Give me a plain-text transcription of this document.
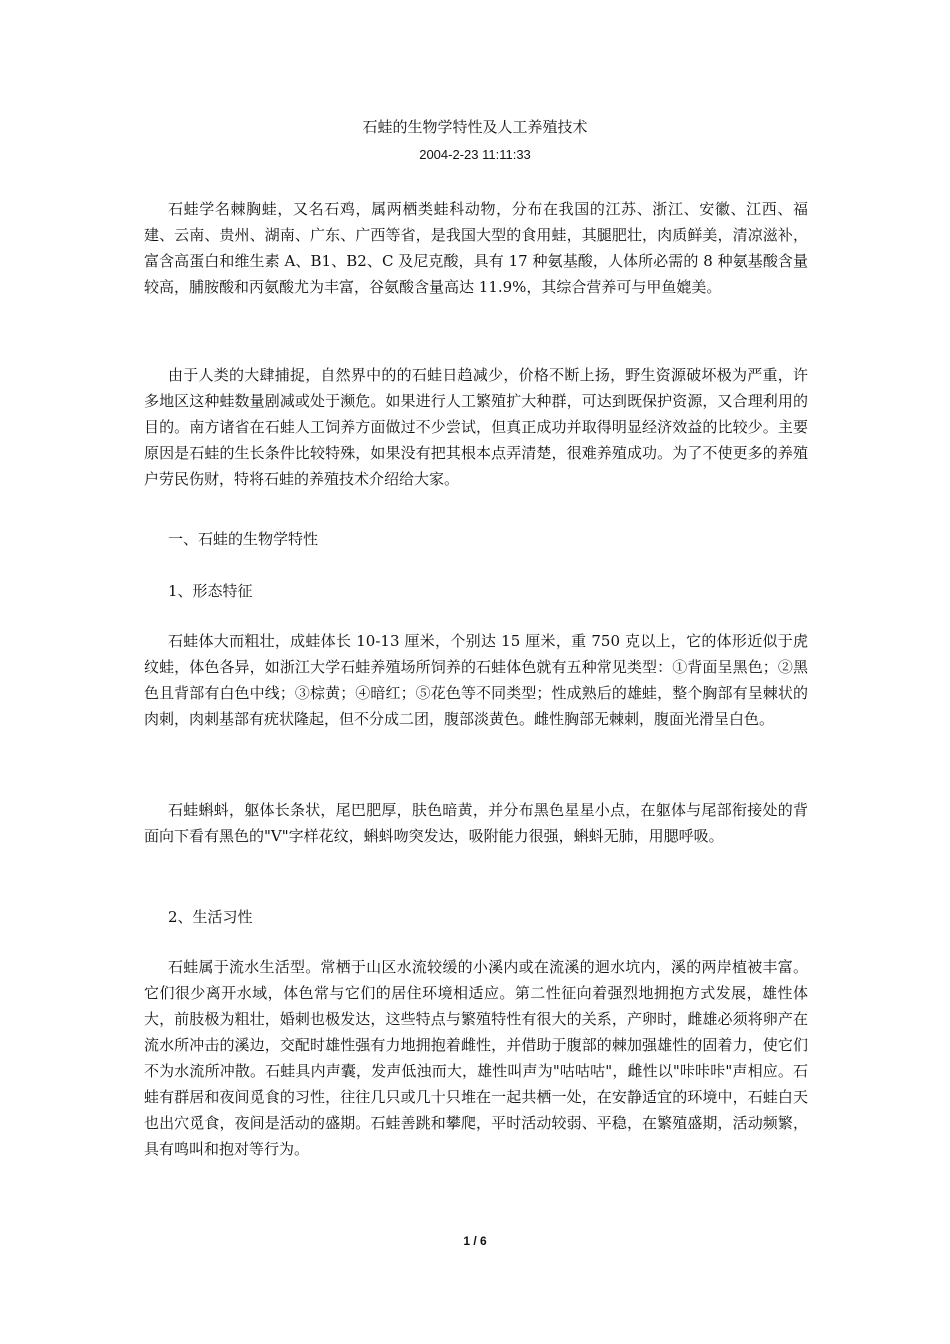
石蛙的生物学特性及人工养殖技术
2004-2-23 11:11:33

石蛙学名棘胸蛙，又名石鸡，属两栖类蛙科动物，分布在我国的江苏、浙江、安徽、江西、福建、云南、贵州、湖南、广东、广西等省，是我国大型的食用蛙，其腿肥壮，肉质鲜美，清凉滋补，富含高蛋白和维生素 A、B1、B2、C 及尼克酸，具有 17 种氨基酸，人体所必需的 8 种氨基酸含量较高，脯胺酸和丙氨酸尤为丰富，谷氨酸含量高达 11.9%，其综合营养可与甲鱼媲美。

由于人类的大肆捕捉，自然界中的的石蛙日趋减少，价格不断上扬，野生资源破坏极为严重，许多地区这种蛙数量剧减或处于濒危。如果进行人工繁殖扩大种群，可达到既保护资源，又合理利用的目的。南方诸省在石蛙人工饲养方面做过不少尝试，但真正成功并取得明显经济效益的比较少。主要原因是石蛙的生长条件比较特殊，如果没有把其根本点弄清楚，很难养殖成功。为了不使更多的养殖户劳民伤财，特将石蛙的养殖技术介绍给大家。

一、石蛙的生物学特性
1、形态特征

石蛙体大而粗壮，成蛙体长 10-13 厘米，个别达 15 厘米，重 750 克以上，它的体形近似于虎纹蛙，体色各异，如浙江大学石蛙养殖场所饲养的石蛙体色就有五种常见类型：①背面呈黑色；②黑色且背部有白色中线；③棕黄；④暗红；⑤花色等不同类型；性成熟后的雄蛙，整个胸部有呈棘状的肉刺，肉刺基部有疣状隆起，但不分成二团，腹部淡黄色。雌性胸部无棘刺，腹面光滑呈白色。

石蛙蝌蚪，躯体长条状，尾巴肥厚，肤色暗黄，并分布黑色星星小点，在躯体与尾部衔接处的背面向下看有黑色的"V"字样花纹，蝌蚪吻突发达，吸附能力很强，蝌蚪无肺，用腮呼吸。

2、生活习性

石蛙属于流水生活型。常栖于山区水流较缓的小溪内或在流溪的迴水坑内，溪的两岸植被丰富。它们很少离开水域，体色常与它们的居住环境相适应。第二性征向着强烈地拥抱方式发展，雄性体大，前肢极为粗壮，婚刺也极发达，这些特点与繁殖特性有很大的关系，产卵时，雌雄必须将卵产在流水所冲击的溪边，交配时雄性强有力地拥抱着雌性，并借助于腹部的棘加强雄性的固着力，使它们不为水流所冲散。石蛙具内声囊，发声低浊而大，雄性叫声为"咕咕咕"，雌性以"咔咔咔"声相应。石蛙有群居和夜间觅食的习性，往往几只或几十只堆在一起共栖一处，在安静适宜的环境中，石蛙白天也出穴觅食，夜间是活动的盛期。石蛙善跳和攀爬，平时活动较弱、平稳，在繁殖盛期，活动频繁，具有鸣叫和抱对等行为。

1 / 6
